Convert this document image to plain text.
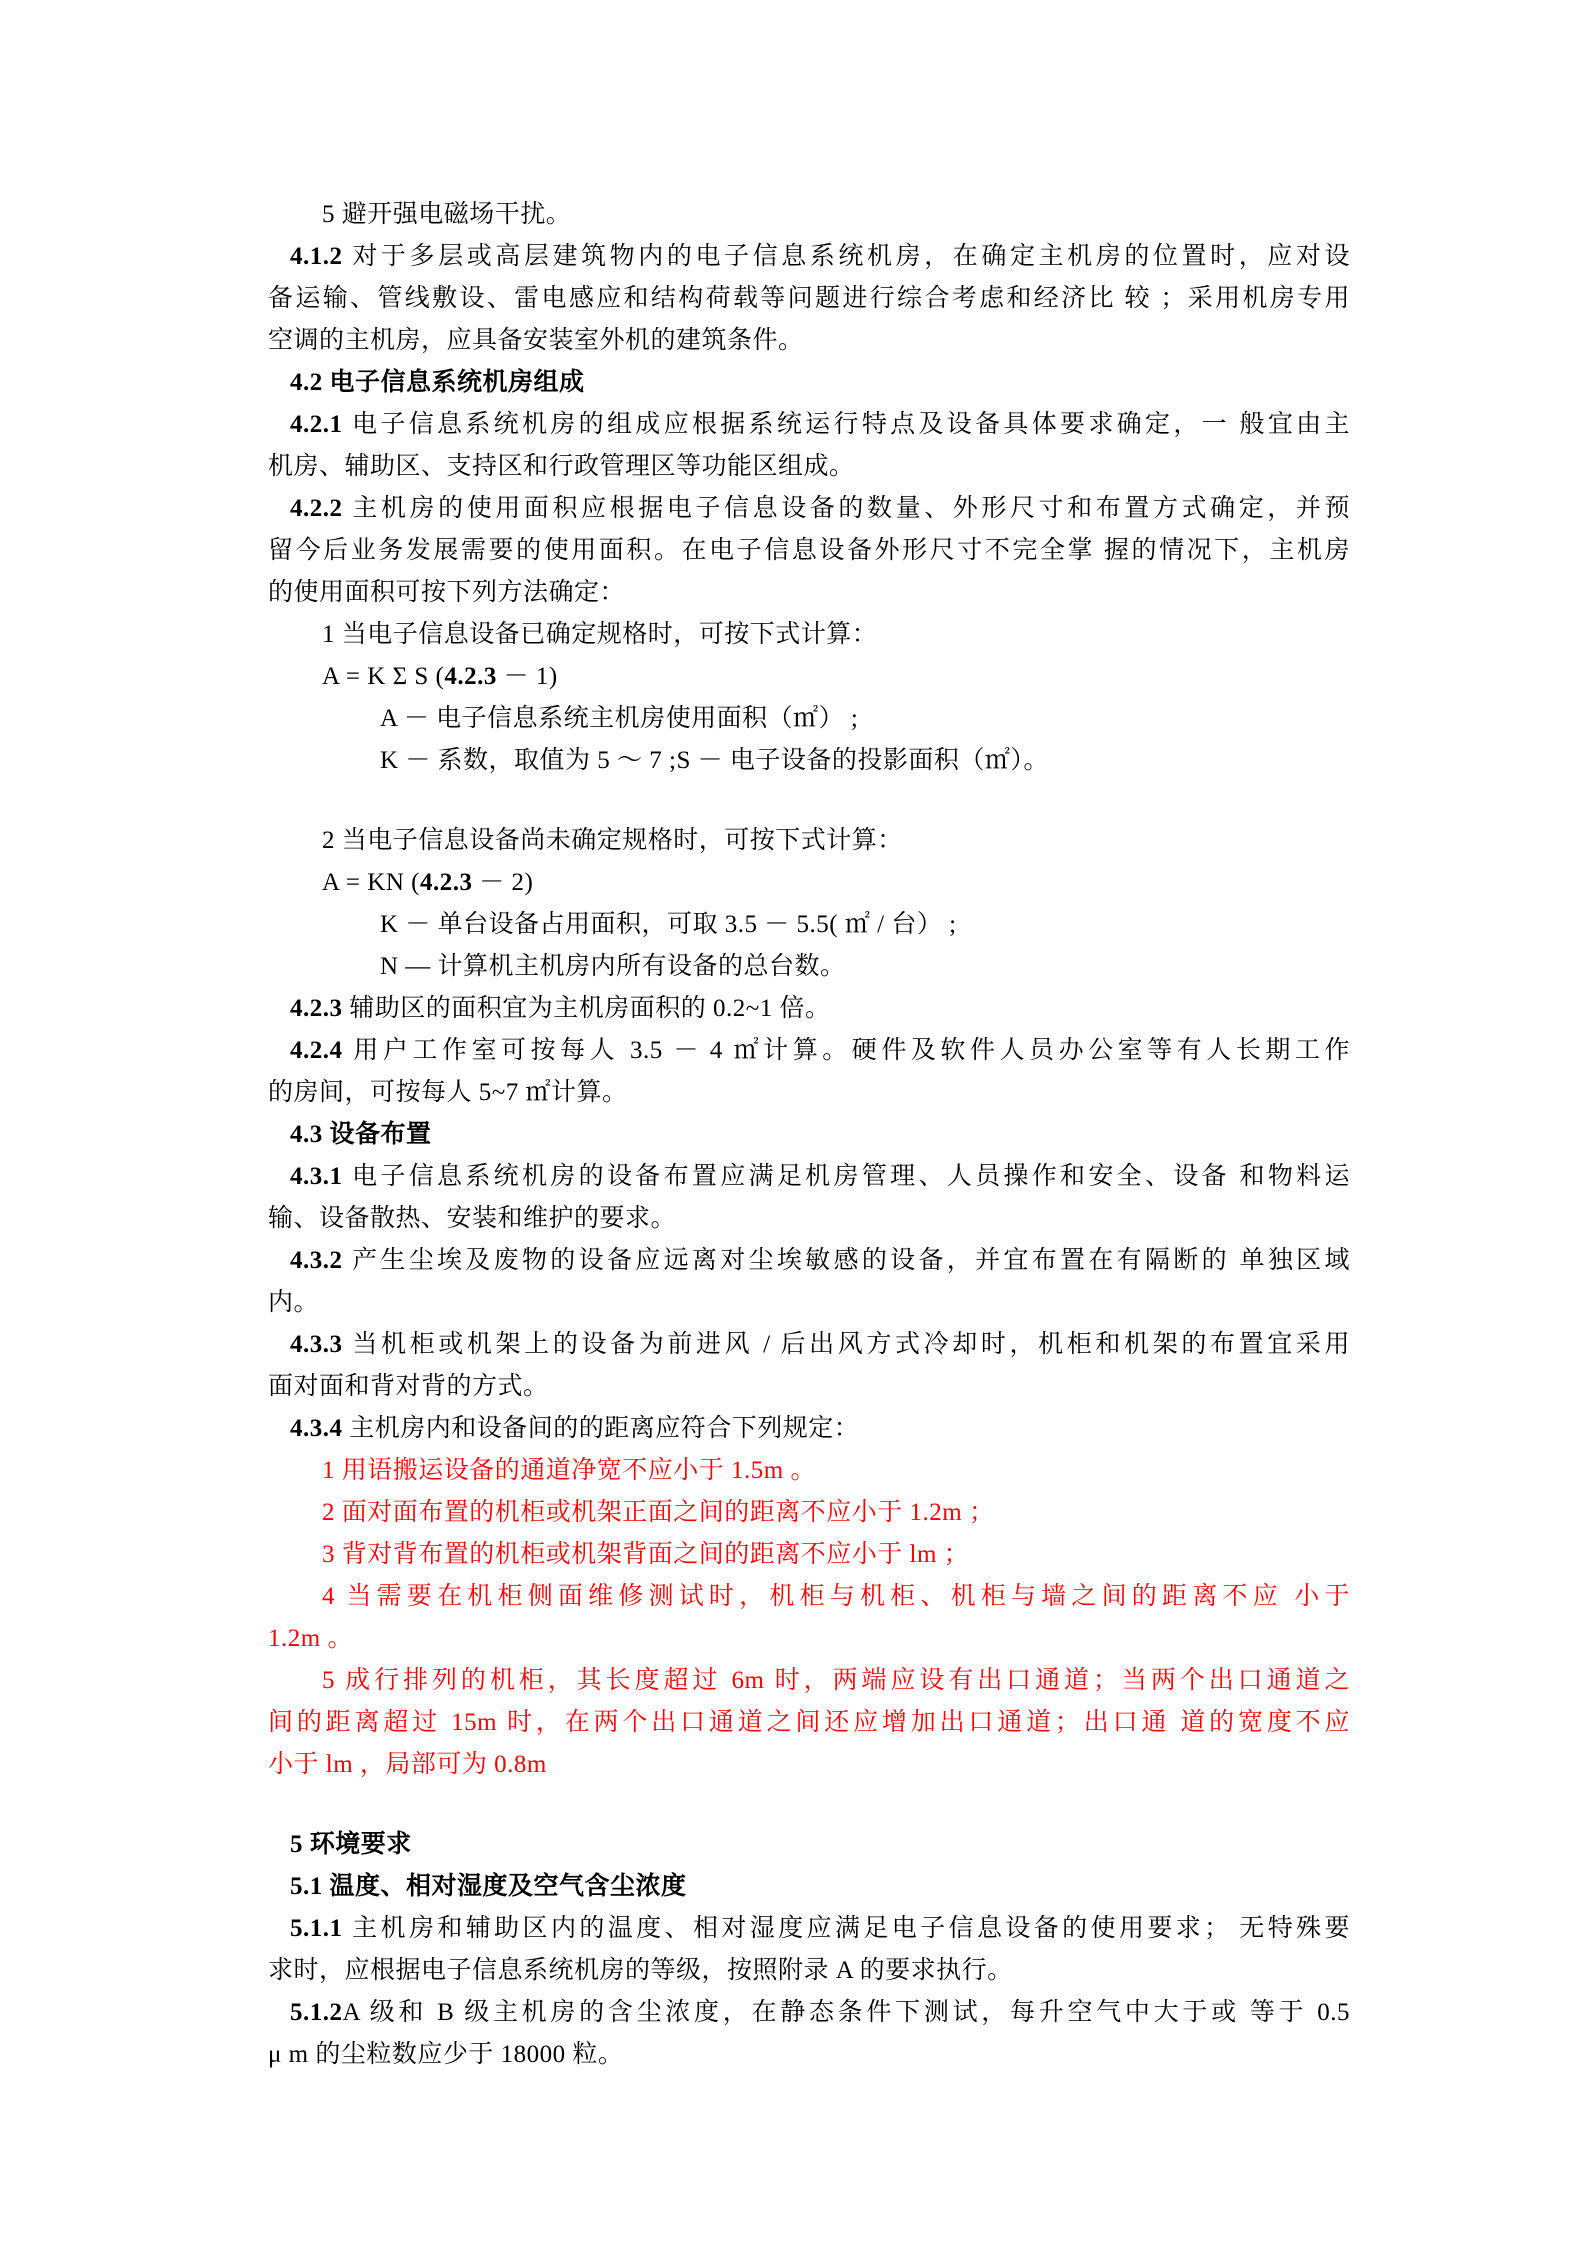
5 避开强电磁场干扰。
4.1.2 对于多层或高层建筑物内的电子信息系统机房，在确定主机房的位置时，应对设
备运输、管线敷设、雷电感应和结构荷载等问题进行综合考虑和经济比 较 ；采用机房专用
空调的主机房，应具备安装室外机的建筑条件。
4.2 电子信息系统机房组成
4.2.1 电子信息系统机房的组成应根据系统运行特点及设备具体要求确定，一 般宜由主
机房、辅助区、支持区和行政管理区等功能区组成。
4.2.2 主机房的使用面积应根据电子信息设备的数量、外形尺寸和布置方式确定，并预
留今后业务发展需要的使用面积。在电子信息设备外形尺寸不完全掌 握的情况下，主机房
的使用面积可按下列方法确定：
1 当电子信息设备已确定规格时，可按下式计算：
A = K Σ S (4.2.3 － 1)
A － 电子信息系统主机房使用面积（㎡） ;
K － 系数，取值为 5 ～ 7 ;S － 电子设备的投影面积（㎡）。
2 当电子信息设备尚未确定规格时，可按下式计算：
A = KN (4.2.3 － 2)
K － 单台设备占用面积，可取 3.5 － 5.5( ㎡ / 台） ;
N — 计算机主机房内所有设备的总台数。
4.2.3 辅助区的面积宜为主机房面积的 0.2~1 倍。
4.2.4 用户工作室可按每人 3.5 － 4 ㎡计算。硬件及软件人员办公室等有人长期工作
的房间，可按每人 5~7 ㎡计算。
4.3 设备布置
4.3.1 电子信息系统机房的设备布置应满足机房管理、人员操作和安全、设备 和物料运
输、设备散热、安装和维护的要求。
4.3.2 产生尘埃及废物的设备应远离对尘埃敏感的设备，并宜布置在有隔断的 单独区域
内。
4.3.3 当机柜或机架上的设备为前进风 / 后出风方式冷却时，机柜和机架的布置宜采用
面对面和背对背的方式。
4.3.4 主机房内和设备间的的距离应符合下列规定：
1 用语搬运设备的通道净宽不应小于 1.5m 。
2 面对面布置的机柜或机架正面之间的距离不应小于 1.2m ；
3 背对背布置的机柜或机架背面之间的距离不应小于 lm ；
4 当需要在机柜侧面维修测试时，机柜与机柜、机柜与墙之间的距离不应 小于
1.2m 。
5 成行排列的机柜，其长度超过 6m 时，两端应设有出口通道；当两个出口通道之
间的距离超过 15m 时，在两个出口通道之间还应增加出口通道；出口通 道的宽度不应
小于 lm ，局部可为 0.8m
5 环境要求
5.1 温度、相对湿度及空气含尘浓度
5.1.1 主机房和辅助区内的温度、相对湿度应满足电子信息设备的使用要求； 无特殊要
求时，应根据电子信息系统机房的等级，按照附录 A 的要求执行。
5.1.2A 级和 B 级主机房的含尘浓度，在静态条件下测试，每升空气中大于或 等于 0.5
μ m 的尘粒数应少于 18000 粒。
